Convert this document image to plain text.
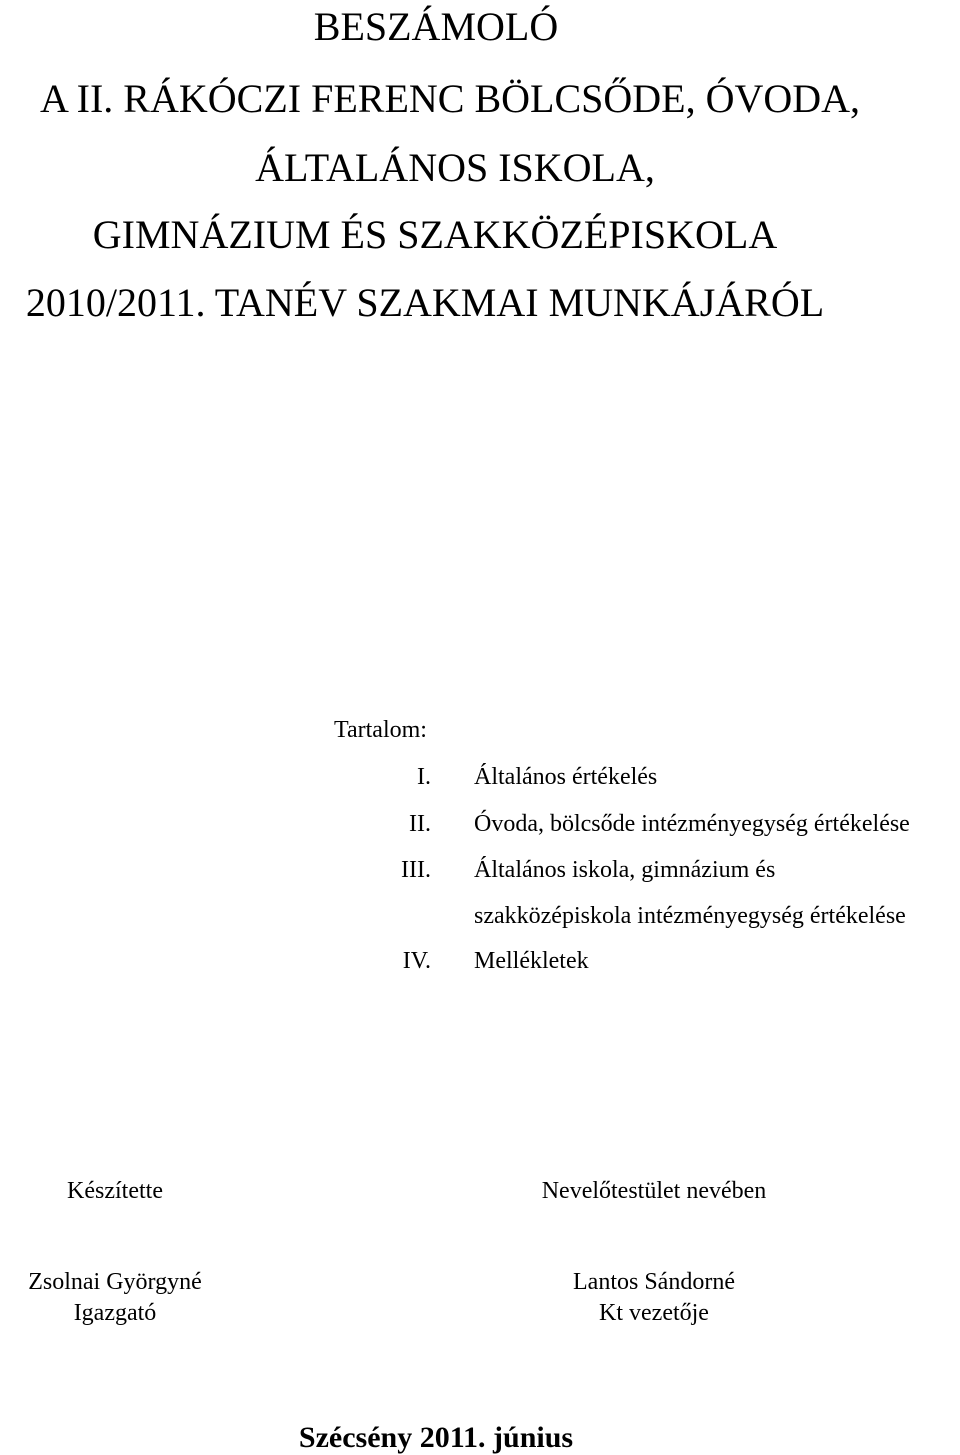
BESZÁMOLÓ
A II. RÁKÓCZI FERENC BÖLCSŐDE, ÓVODA,
ÁLTALÁNOS ISKOLA,
GIMNÁZIUM ÉS SZAKKÖZÉPISKOLA
2010/2011. TANÉV SZAKMAI MUNKÁJÁRÓL
Tartalom:
I. Általános értékelés
II. Óvoda, bölcsőde intézményegység értékelése
III. Általános iskola, gimnázium és
szakközépiskola intézményegység értékelése
IV. Mellékletek
Készítette	Nevelőtestület nevében
Zsolnai Györgyné
Igazgató
Lantos Sándorné
Kt vezetője
Szécsény 2011. június
